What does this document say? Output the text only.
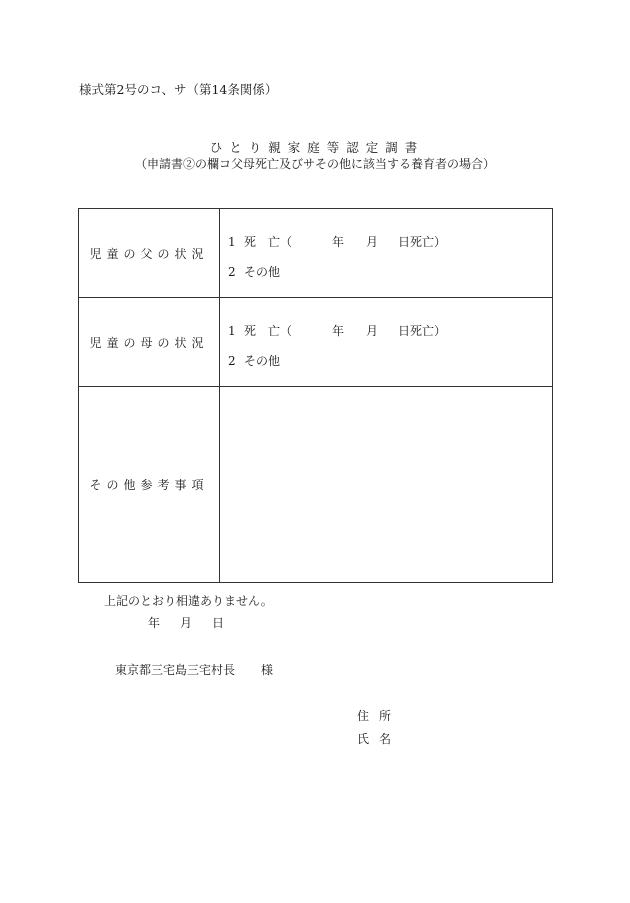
様式第2号のコ、サ（第14条関係）
ひとり親家庭等認定調書
（申請書②の欄コ父母死亡及びサその他に該当する養育者の場合）
児童の父の状況	1 死　亡（ 年 月 日死亡）
2 その他

児童の母の状況	1 死　亡（ 年 月 日死亡）
2 その他

その他参考事項	
上記のとおり相違ありません。
年 月 日
東京都三宅島三宅村長 様
住所
氏名
